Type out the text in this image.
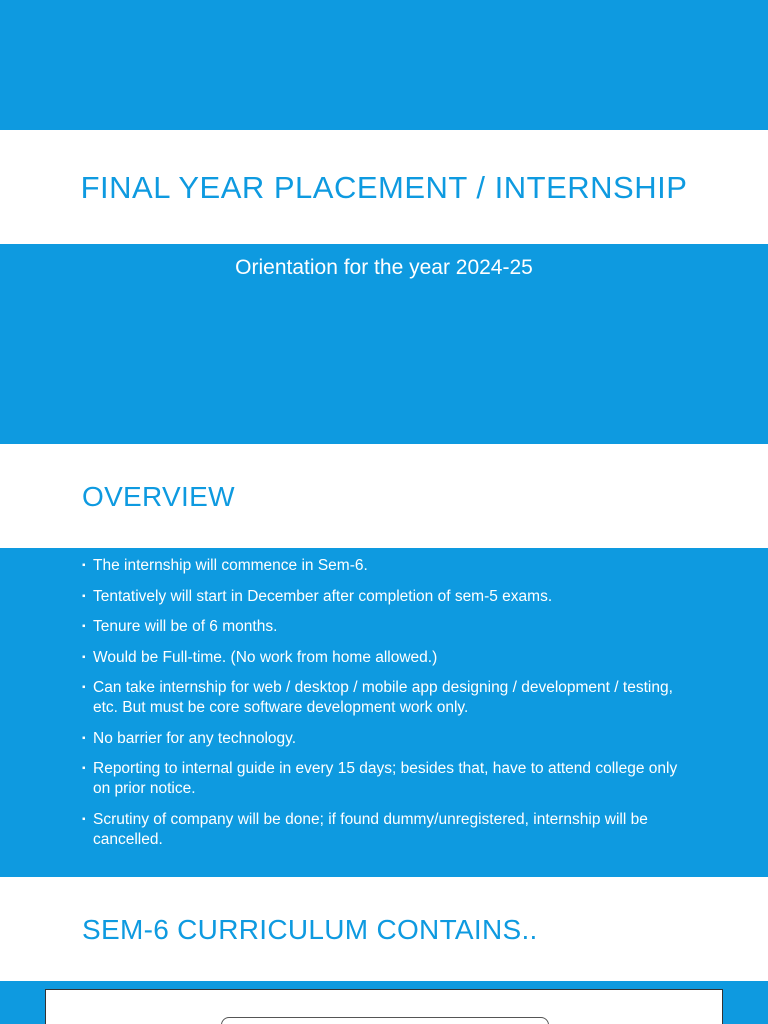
FINAL YEAR PLACEMENT / INTERNSHIP
Orientation for the year 2024-25
OVERVIEW
▪ The internship will commence in Sem-6.
▪ Tentatively will start in December after completion of sem-5 exams.
▪ Tenure will be of 6 months.
▪ Would be Full-time. (No work from home allowed.)
▪ Can take internship for web / desktop / mobile app designing / development / testing, etc. But must be core software development work only.
▪ No barrier for any technology.
▪ Reporting to internal guide in every 15 days; besides that, have to attend college only on prior notice.
▪ Scrutiny of company will be done; if found dummy/unregistered, internship will be cancelled.
SEM-6 CURRICULUM CONTAINS..
